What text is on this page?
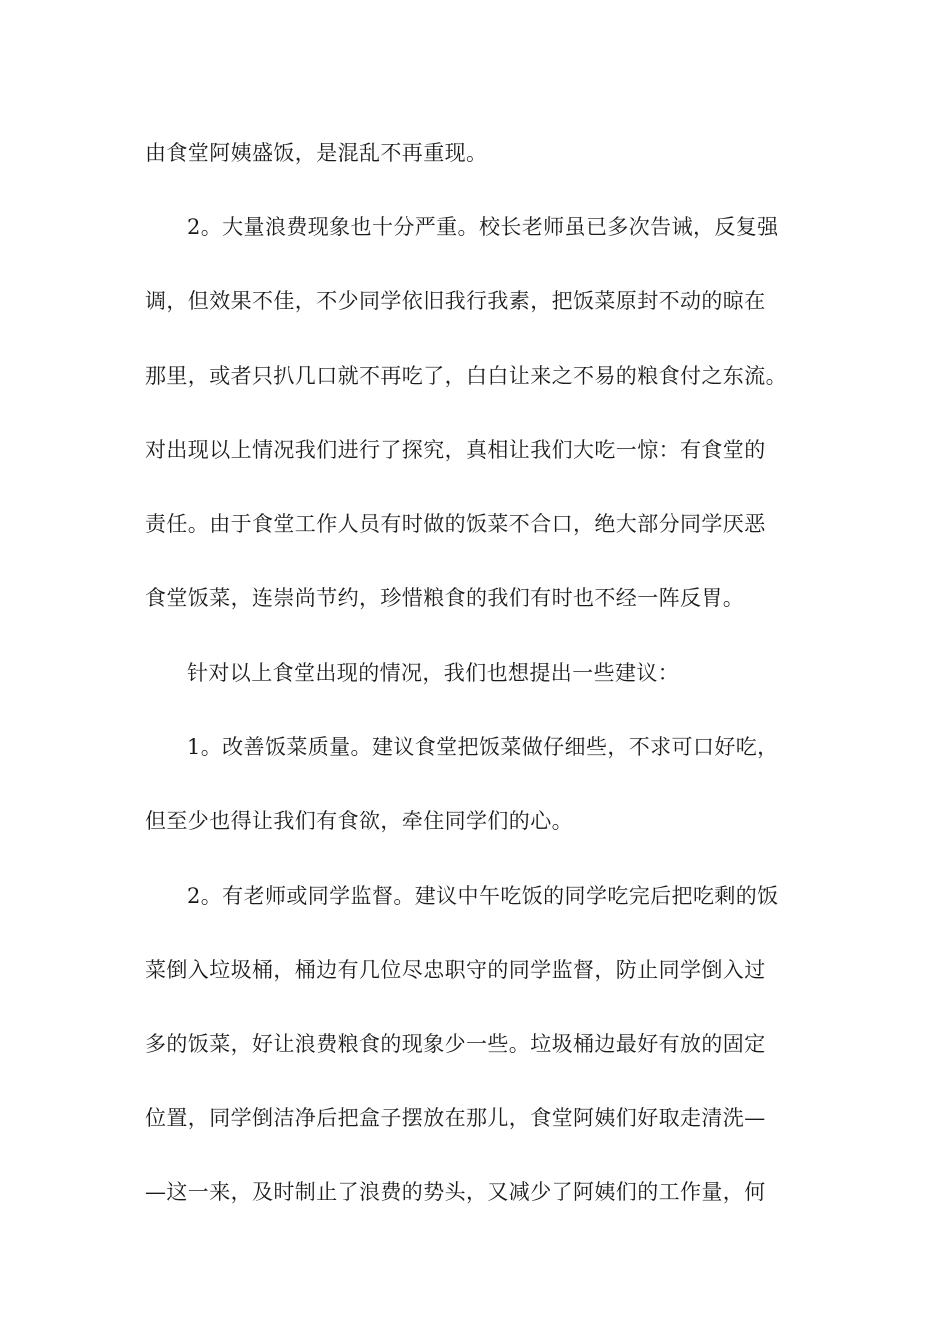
由食堂阿姨盛饭，是混乱不再重现。
2。大量浪费现象也十分严重。校长老师虽已多次告诫，反复强
调，但效果不佳，不少同学依旧我行我素，把饭菜原封不动的晾在
那里，或者只扒几口就不再吃了，白白让来之不易的粮食付之东流。
对出现以上情况我们进行了探究，真相让我们大吃一惊：有食堂的
责任。由于食堂工作人员有时做的饭菜不合口，绝大部分同学厌恶
食堂饭菜，连崇尚节约，珍惜粮食的我们有时也不经一阵反胃。
针对以上食堂出现的情况，我们也想提出一些建议：
1。改善饭菜质量。建议食堂把饭菜做仔细些，不求可口好吃，
但至少也得让我们有食欲，牵住同学们的心。
2。有老师或同学监督。建议中午吃饭的同学吃完后把吃剩的饭
菜倒入垃圾桶，桶边有几位尽忠职守的同学监督，防止同学倒入过
多的饭菜，好让浪费粮食的现象少一些。垃圾桶边最好有放的固定
位置，同学倒洁净后把盒子摆放在那儿，食堂阿姨们好取走清洗—
—这一来，及时制止了浪费的势头，又减少了阿姨们的工作量，何
